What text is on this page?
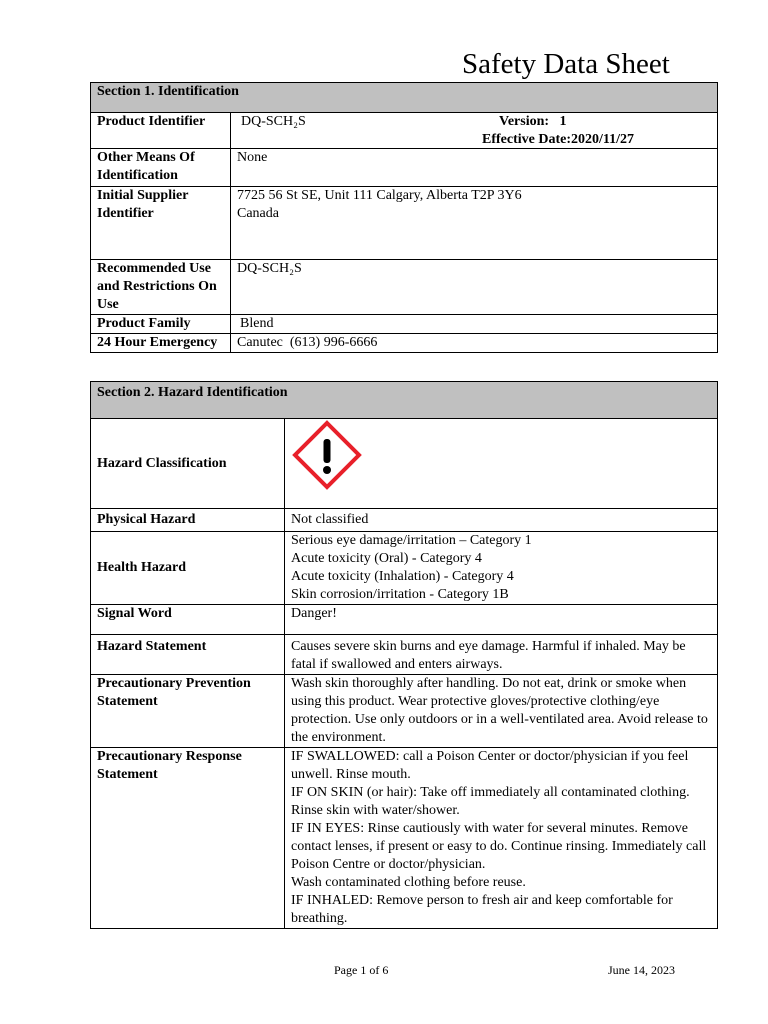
Safety Data Sheet
Section 1. Identification	
Product Identifier	DQ-SCH₂S Version: 1
Effective Date:2020/11/27

Other Means Of Identification	None
Initial Supplier Identifier	7725 56 St SE, Unit 111 Calgary, Alberta T2P 3Y6
Canada

Recommended Use and Restrictions On Use	DQ-SCH₂S
Product Family	Blend
24 Hour Emergency	Canutec  (613) 996-6666
Section 2. Hazard Identification	
Hazard Classification	

Physical Hazard	Not classified
Health Hazard	Serious eye damage/irritation – Category 1
Acute toxicity (Oral) - Category 4
Acute toxicity (Inhalation) - Category 4
Skin corrosion/irritation - Category 1B

Signal Word	Danger!
Hazard Statement	Causes severe skin burns and eye damage. Harmful if inhaled. May be fatal if swallowed and enters airways.
Precautionary Prevention Statement	Wash skin thoroughly after handling. Do not eat, drink or smoke when using this product. Wear protective gloves/protective clothing/eye protection. Use only outdoors or in a well-ventilated area. Avoid release to the environment.
Precautionary Response Statement	IF SWALLOWED: call a Poison Center or doctor/physician if you feel unwell. Rinse mouth.
IF ON SKIN (or hair): Take off immediately all contaminated clothing. Rinse skin with water/shower.
IF IN EYES: Rinse cautiously with water for several minutes. Remove contact lenses, if present or easy to do. Continue rinsing. Immediately call Poison Centre or doctor/physician.
Wash contaminated clothing before reuse.
IF INHALED: Remove person to fresh air and keep comfortable for breathing.
Page 1 of 6	June 14, 2023
